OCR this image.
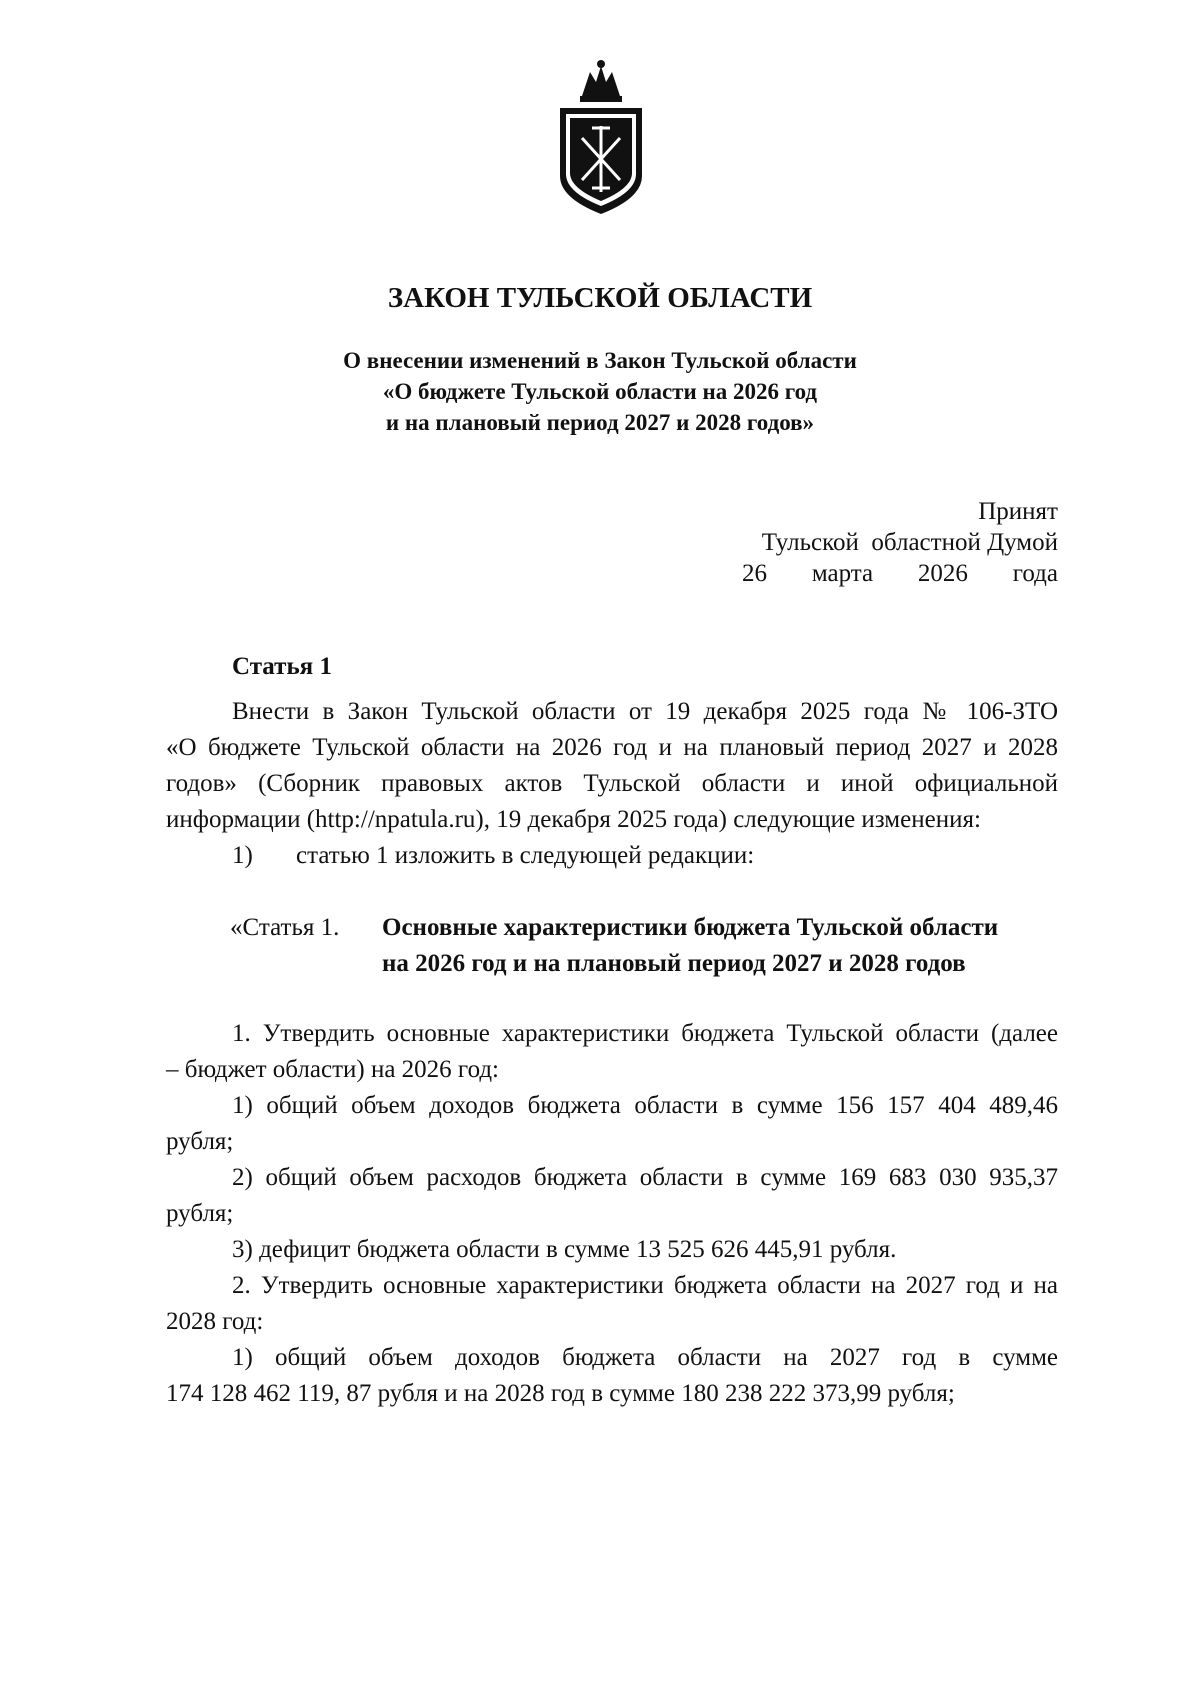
ЗАКОН ТУЛЬСКОЙ ОБЛАСТИ
О внесении изменений в Закон Тульской области
«О бюджете Тульской области на 2026 год
и на плановый период 2027 и 2028 годов»
Принят
Тульской  областной Думой
26 марта 2026 года
Статья 1
Внести в Закон Тульской области от 19 декабря 2025 года № 106-ЗТО
«О бюджете Тульской области на 2026 год и на плановый период 2027 и 2028
годов» (Сборник правовых актов Тульской области и иной официальной
информации (http://npatula.ru), 19 декабря 2025 года) следующие изменения:
1)	статью 1 изложить в следующей редакции:
«Статья 1.	Основные характеристики бюджета Тульской области
на 2026 год и на плановый период 2027 и 2028 годов
1. Утвердить основные характеристики бюджета Тульской области (далее
– бюджет области) на 2026 год:
1) общий объем доходов бюджета области в сумме 156 157 404 489,46
рубля;
2) общий объем расходов бюджета области в сумме 169 683 030 935,37
рубля;
3) дефицит бюджета области в сумме 13 525 626 445,91 рубля.
2. Утвердить основные характеристики бюджета области на 2027 год и на
2028 год:
1) общий объем доходов бюджета области на 2027 год в сумме
174 128 462 119, 87 рубля и на 2028 год в сумме 180 238 222 373,99 рубля;
